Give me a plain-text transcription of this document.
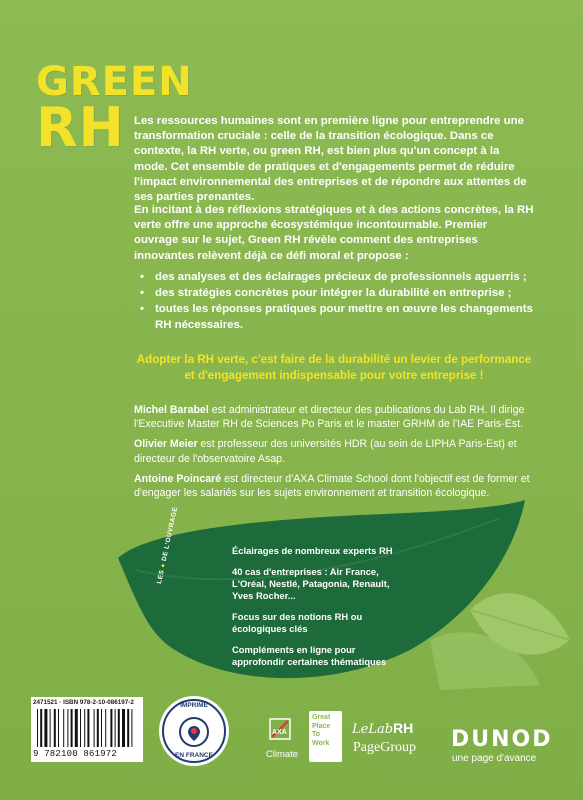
GREEN
RH Les ressources humaines sont en première ligne pour entreprendre une transformation cruciale : celle de la transition écologique. Dans ce contexte, la RH verte, ou green RH, est bien plus qu'un concept à la mode. Cet ensemble de pratiques et d'engagements permet de réduire l'impact environnemental des entreprises et de répondre aux attentes de ses parties prenantes.

En incitant à des réflexions stratégiques et à des actions concrètes, la RH verte offre une approche écosystémique incontournable. Premier ouvrage sur le sujet, Green RH révèle comment des entreprises innovantes relèvent déjà ce défi moral et propose :

• des analyses et des éclairages précieux de professionnels aguerris ;
• des stratégies concrètes pour intégrer la durabilité en entreprise ;
• toutes les réponses pratiques pour mettre en œuvre les changements RH nécessaires.

Adopter la RH verte, c'est faire de la durabilité un levier de performance et d'engagement indispensable pour votre entreprise !

Michel Barabel est administrateur et directeur des publications du Lab RH. Il dirige l'Executive Master RH de Sciences Po Paris et le master GRHM de l'IAE Paris-Est.

Olivier Meier est professeur des universités HDR (au sein de LIPHA Paris-Est) et directeur de l'observatoire Asap.

Antoine Poincaré est directeur d'AXA Climate School dont l'objectif est de former et d'engager les salariés sur les sujets environnement et transition écologique.

LES ● DE L'OUVRAGE	Éclairages de nombreux experts RH

40 cas d'entreprises : Air France, L'Oréal, Nestlé, Patagonia, Renault, Yves Rocher...

Focus sur des notions RH ou écologiques clés

Compléments en ligne pour approfondir certaines thématiques

2471521 · ISBN 978-2-10-086197-2
9 782100 861972
IMPRIMÉ
EN FRANCE
AXA
Climate
Great
Place
To
Work
LeLabRH
PageGroup DUNOD
une page d'avance
